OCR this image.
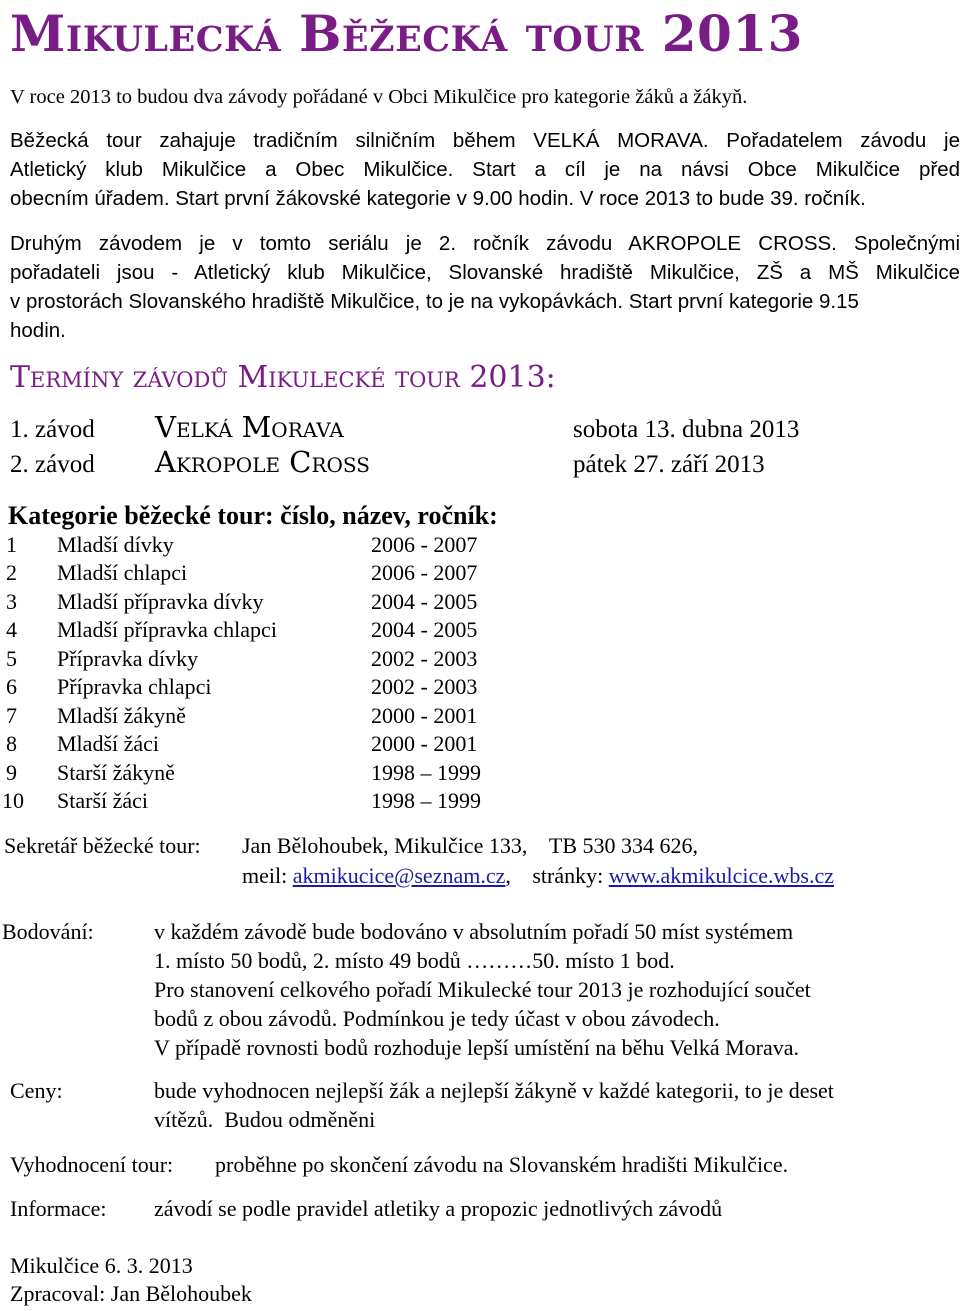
Mikulecká Běžecká tour 2013
V roce 2013 to budou dva závody pořádané v Obci Mikulčice pro kategorie žáků a žákyň.
Běžecká tour zahajuje tradičním silničním během VELKÁ MORAVA. Pořadatelem závodu je
Atletický klub Mikulčice a Obec Mikulčice. Start a cíl je na návsi Obce Mikulčice před
obecním úřadem. Start první žákovské kategorie v 9.00 hodin. V roce 2013 to bude 39. ročník.
Druhým závodem je v tomto seriálu je 2. ročník závodu AKROPOLE CROSS. Společnými
pořadateli jsou - Atletický klub Mikulčice, Slovanské hradiště Mikulčice, ZŠ a MŠ Mikulčice
v prostorách Slovanského hradiště Mikulčice, to je na vykopávkách. Start první kategorie 9.15
hodin.
Termíny závodů Mikulecké tour 2013:
1. závod Velká Morava	sobota 13. dubna 2013
2. závod Akropole Cross	pátek 27. září 2013
Kategorie běžecké tour: číslo, název, ročník:
1 Mladší dívky	2006 - 2007
2 Mladší chlapci	2006 - 2007
3 Mladší přípravka dívky	2004 - 2005
4 Mladší přípravka chlapci	2004 - 2005
5 Přípravka dívky	2002 - 2003
6 Přípravka chlapci	2002 - 2003
7 Mladší žákyně	2000 - 2001
8 Mladší žáci	2000 - 2001
9 Starší žákyně	1998 – 1999
10 Starší žáci	1998 – 1999
Sekretář běžecké tour: Jan Bělohoubek, Mikulčice 133,    TB 530 334 626,
meil: akmikucice@seznam.cz, stránky: www.akmikulcice.wbs.cz
Bodování:	v každém závodě bude bodováno v absolutním pořadí 50 míst systémem
1. místo 50 bodů, 2. místo 49 bodů ………50. místo 1 bod.
Pro stanovení celkového pořadí Mikulecké tour 2013 je rozhodující součet
bodů z obou závodů. Podmínkou je tedy účast v obou závodech.
V případě rovnosti bodů rozhoduje lepší umístění na běhu Velká Morava.
Ceny:	bude vyhodnocen nejlepší žák a nejlepší žákyně v každé kategorii, to je deset
vítězů.  Budou odměněni
Vyhodnocení tour: proběhne po skončení závodu na Slovanském hradišti Mikulčice.
Informace: závodí se podle pravidel atletiky a propozic jednotlivých závodů
Mikulčice 6. 3. 2013
Zpracoval: Jan Bělohoubek
